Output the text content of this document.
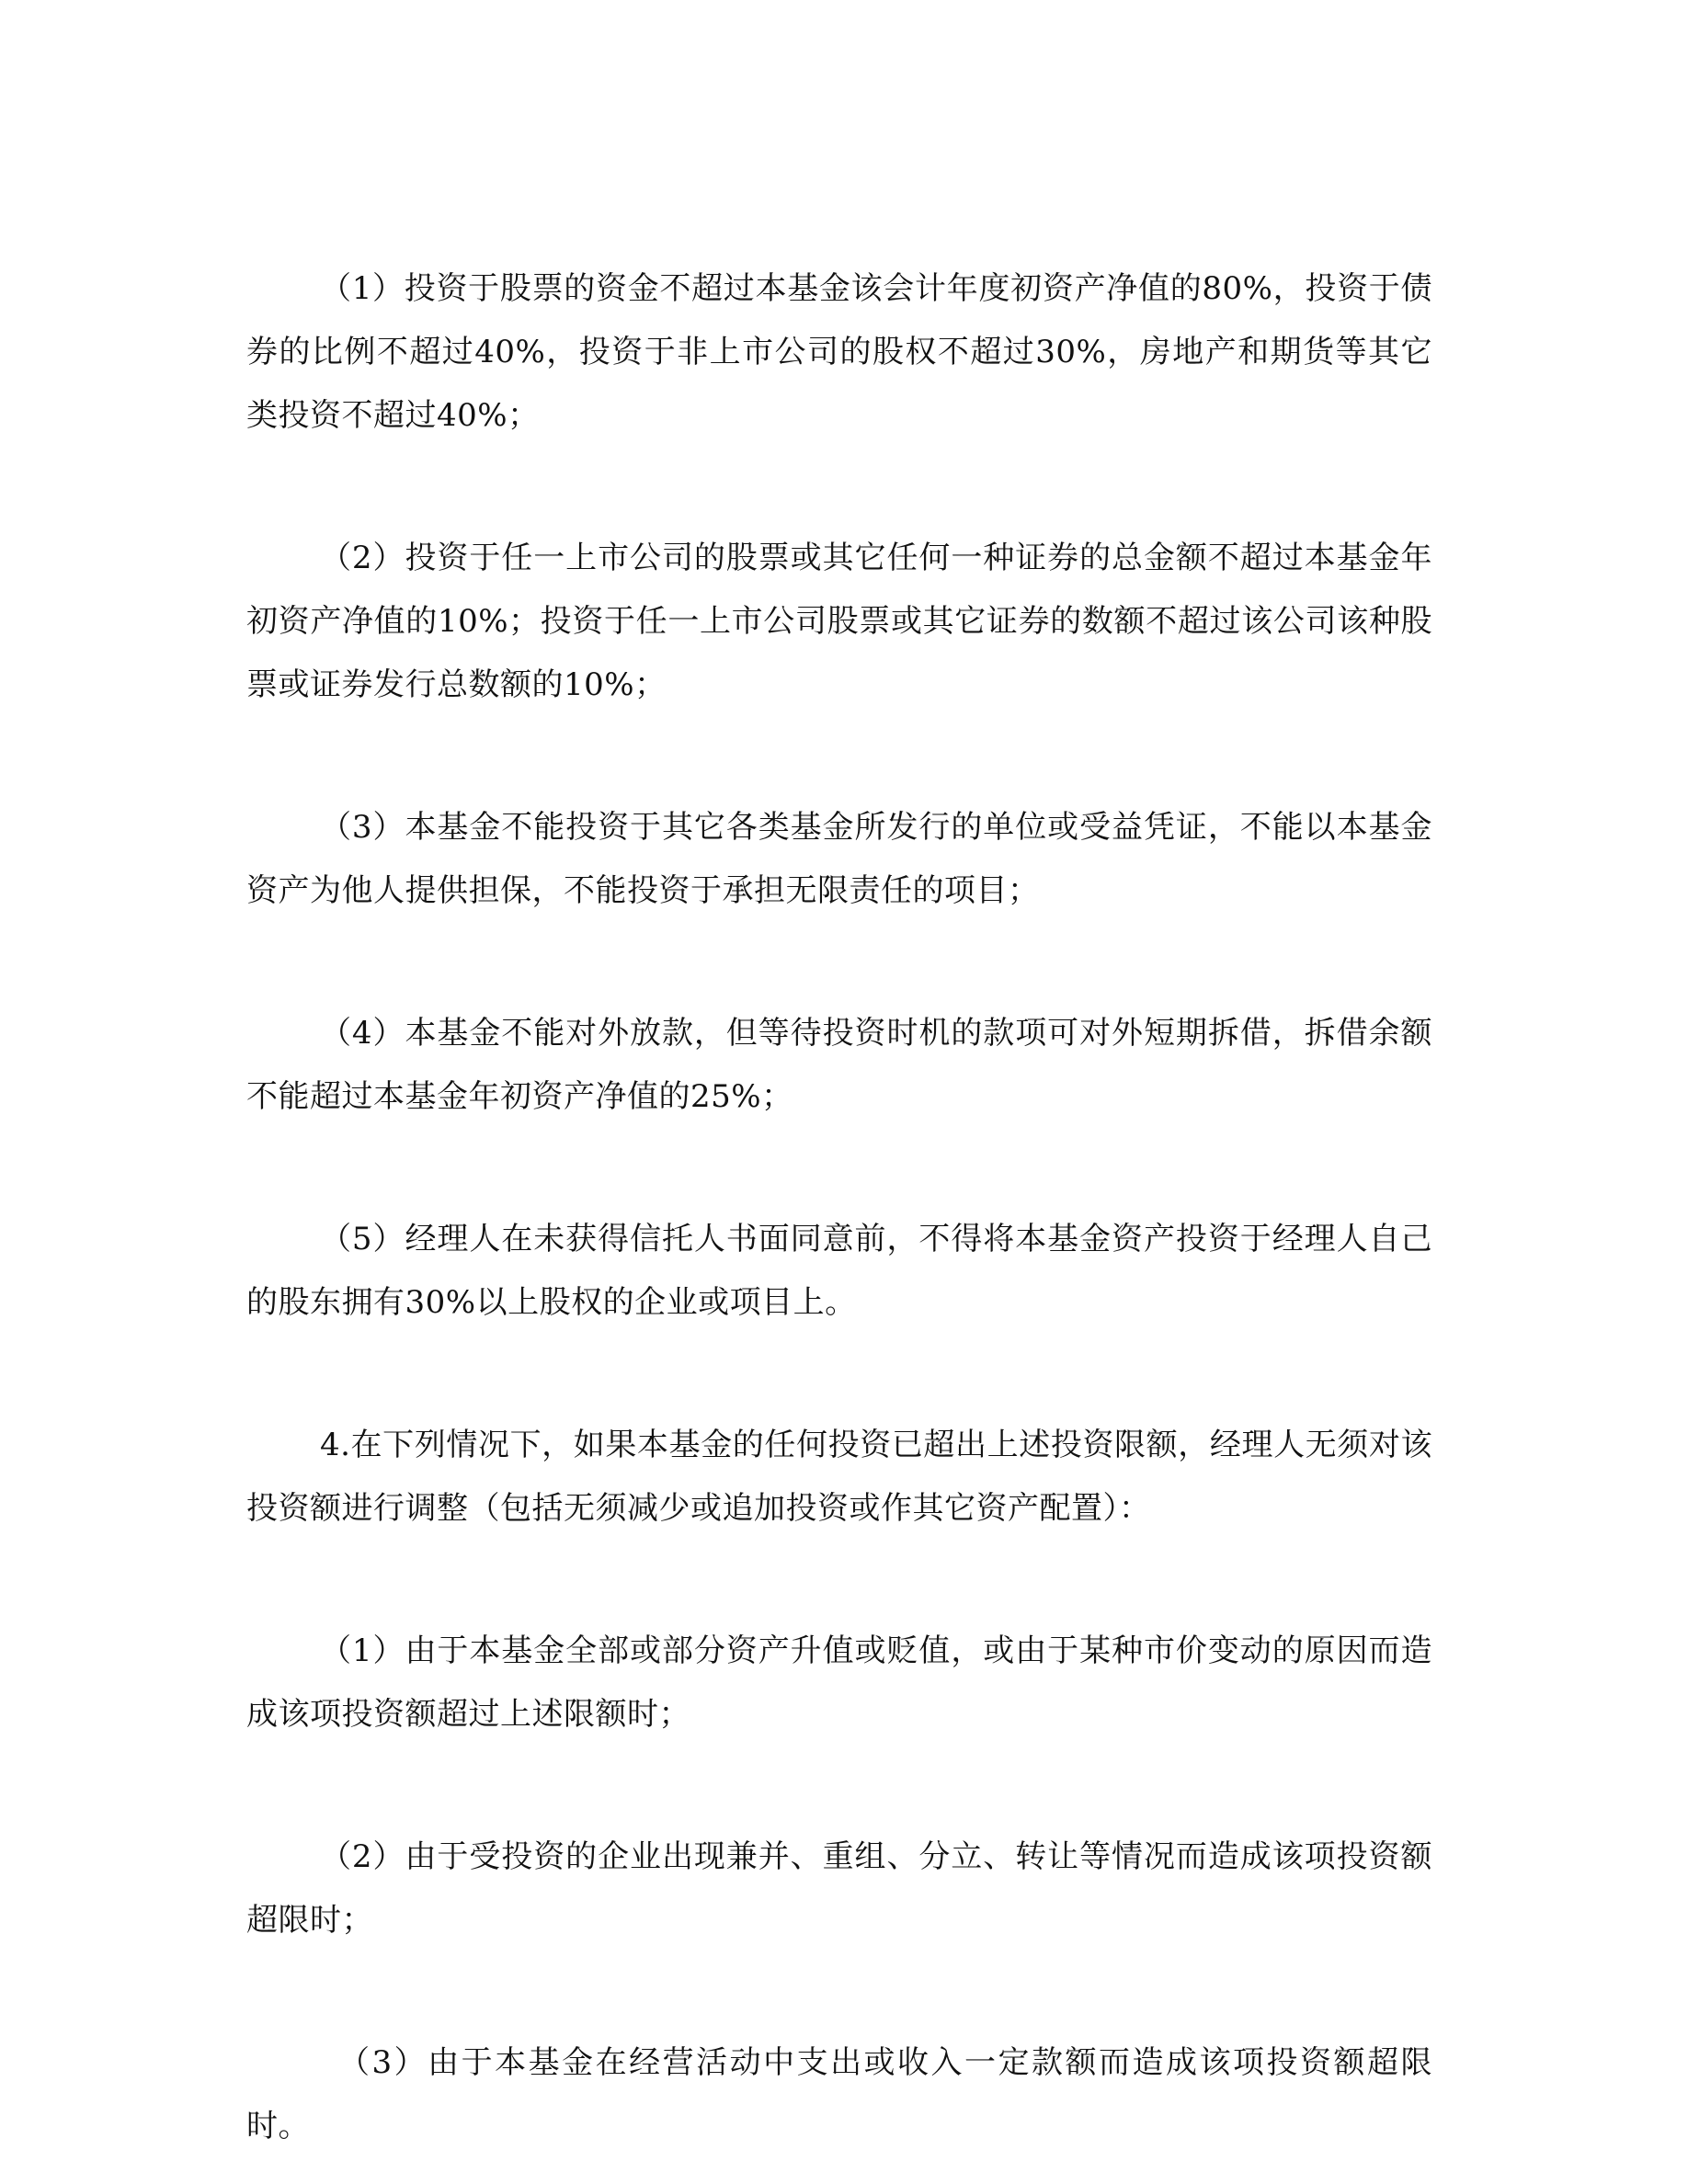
（1）投资于股票的资金不超过本基金该会计年度初资产净值的80%，投资于债券的比例不超过40%，投资于非上市公司的股权不超过30%，房地产和期货等其它类投资不超过40%；

（2）投资于任一上市公司的股票或其它任何一种证券的总金额不超过本基金年初资产净值的10%；投资于任一上市公司股票或其它证券的数额不超过该公司该种股票或证券发行总数额的10%；

（3）本基金不能投资于其它各类基金所发行的单位或受益凭证，不能以本基金资产为他人提供担保，不能投资于承担无限责任的项目；

（4）本基金不能对外放款，但等待投资时机的款项可对外短期拆借，拆借余额不能超过本基金年初资产净值的25%；

（5）经理人在未获得信托人书面同意前，不得将本基金资产投资于经理人自己的股东拥有30%以上股权的企业或项目上。

4.在下列情况下，如果本基金的任何投资已超出上述投资限额，经理人无须对该投资额进行调整（包括无须减少或追加投资或作其它资产配置）：

（1）由于本基金全部或部分资产升值或贬值，或由于某种市价变动的原因而造成该项投资额超过上述限额时；

（2）由于受投资的企业出现兼并、重组、分立、转让等情况而造成该项投资额超限时；

（3）由于本基金在经营活动中支出或收入一定款额而造成该项投资额超限时。
